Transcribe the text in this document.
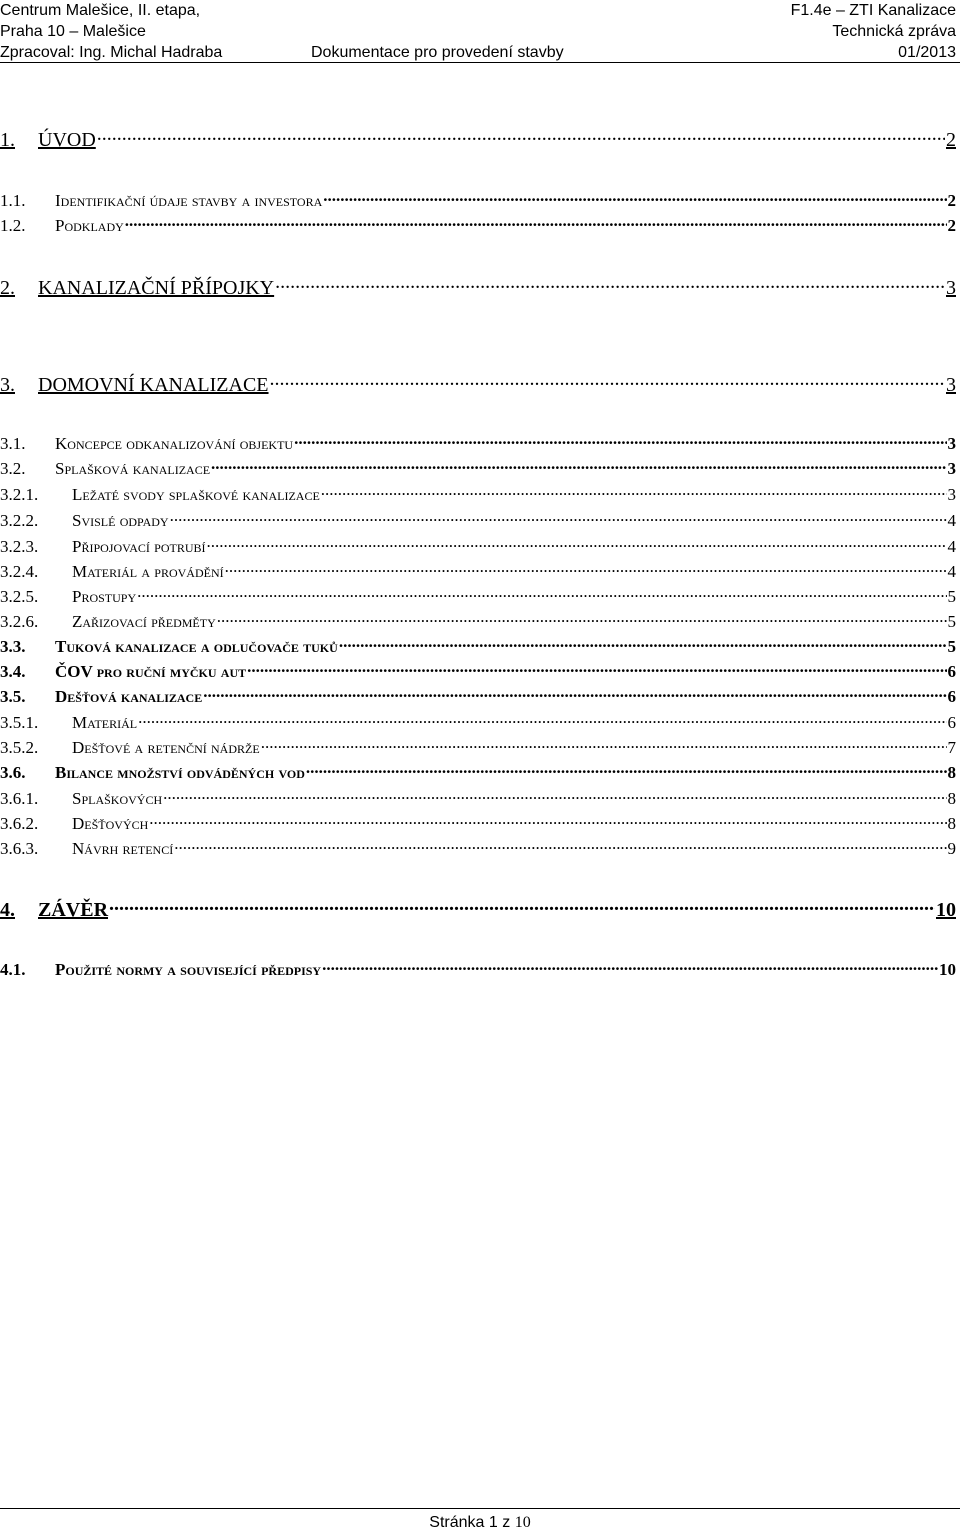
Centrum Malešice, II. etapa,
Praha 10 – Malešice
Zpracoval: Ing. Michal Hadraba	Dokumentace pro provedení stavby
F1.4e – ZTI Kanalizace
Technická zpráva
01/2013
1.	ÚVOD .....	2
1.1.	Identifikační údaje stavby a investora .....	2
1.2.	Podklady .....	2
2.	KANALIZAČNÍ PŘÍPOJKY .....	3
3.	DOMOVNÍ KANALIZACE .....	3
3.1.	Koncepce odkanalizování objektu .....	3
3.2.	Splašková kanalizace .....	3
3.2.1.	Ležaté svody splaškové kanalizace .....	3
3.2.2.	Svislé odpady .....	4
3.2.3.	Připojovací potrubí .....	4
3.2.4.	Materiál a provádění .....	4
3.2.5.	Prostupy .....	5
3.2.6.	Zařizovací předměty .....	5
3.3.	Tuková kanalizace a odlučovače tuků .....	5
3.4.	ČOV pro ruční myčku aut .....	6
3.5.	Dešťová kanalizace .....	6
3.5.1.	Materiál .....	6
3.5.2.	Dešťové a retenční nádrže .....	7
3.6.	Bilance množství odváděných vod .....	8
3.6.1.	Splaškových .....	8
3.6.2.	Dešťových .....	8
3.6.3.	Návrh retencí .....	9
4.	ZÁVĚR .....	10
4.1.	Použité normy a související předpisy .....	10
Stránka 1 z 10
